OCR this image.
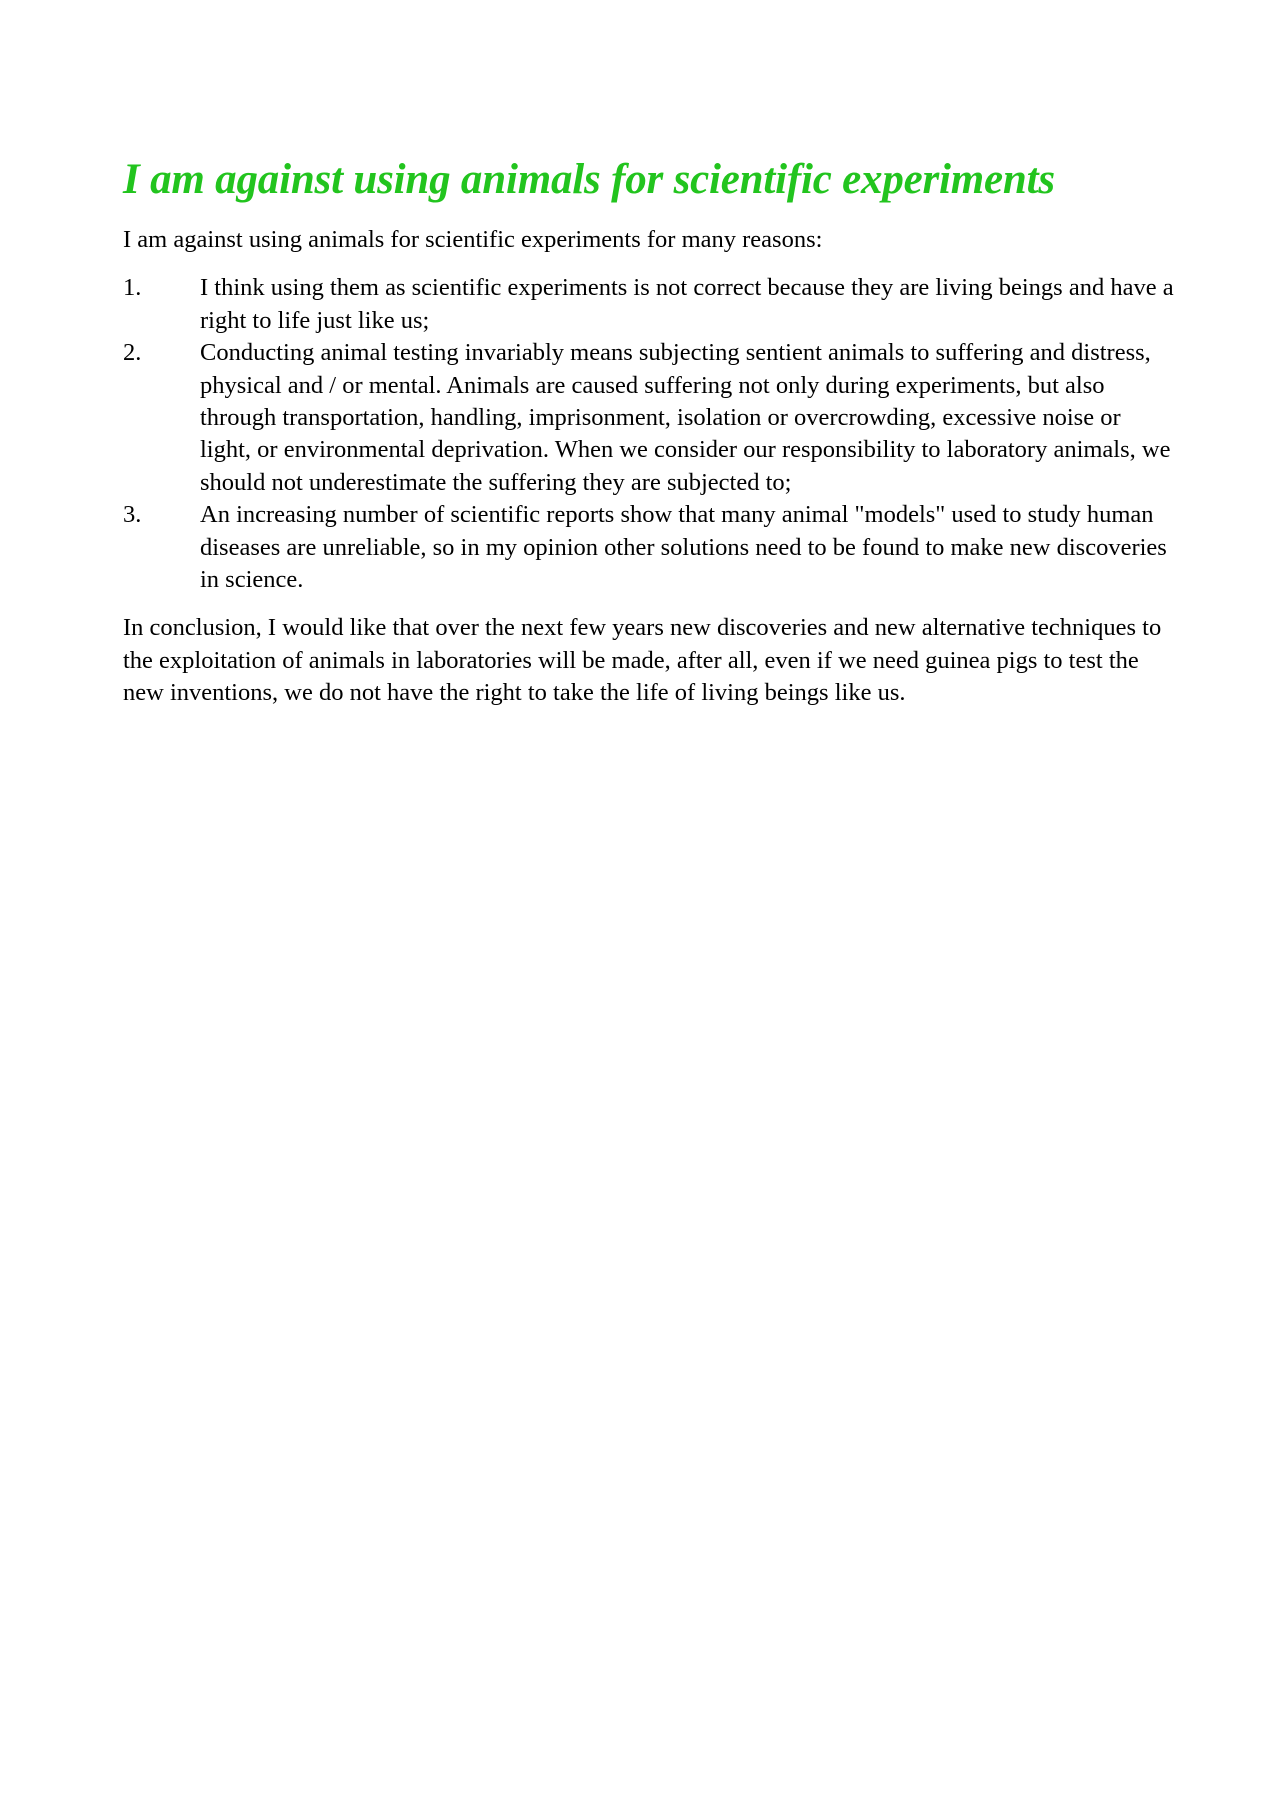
I am against using animals for scientific experiments

I am against using animals for scientific experiments for many reasons:

1. I think using them as scientific experiments is not correct because they are living beings and have a right to life just like us;
2. Conducting animal testing invariably means subjecting sentient animals to suffering and distress, physical and / or mental. Animals are caused suffering not only during experiments, but also through transportation, handling, imprisonment, isolation or overcrowding, excessive noise or light, or environmental deprivation. When we consider our responsibility to laboratory animals, we should not underestimate the suffering they are subjected to;
3. An increasing number of scientific reports show that many animal "models" used to study human diseases are unreliable, so in my opinion other solutions need to be found to make new discoveries in science.

In conclusion, I would like that over the next few years new discoveries and new alternative techniques to the exploitation of animals in laboratories will be made, after all, even if we need guinea pigs to test the new inventions, we do not have the right to take the life of living beings like us.
